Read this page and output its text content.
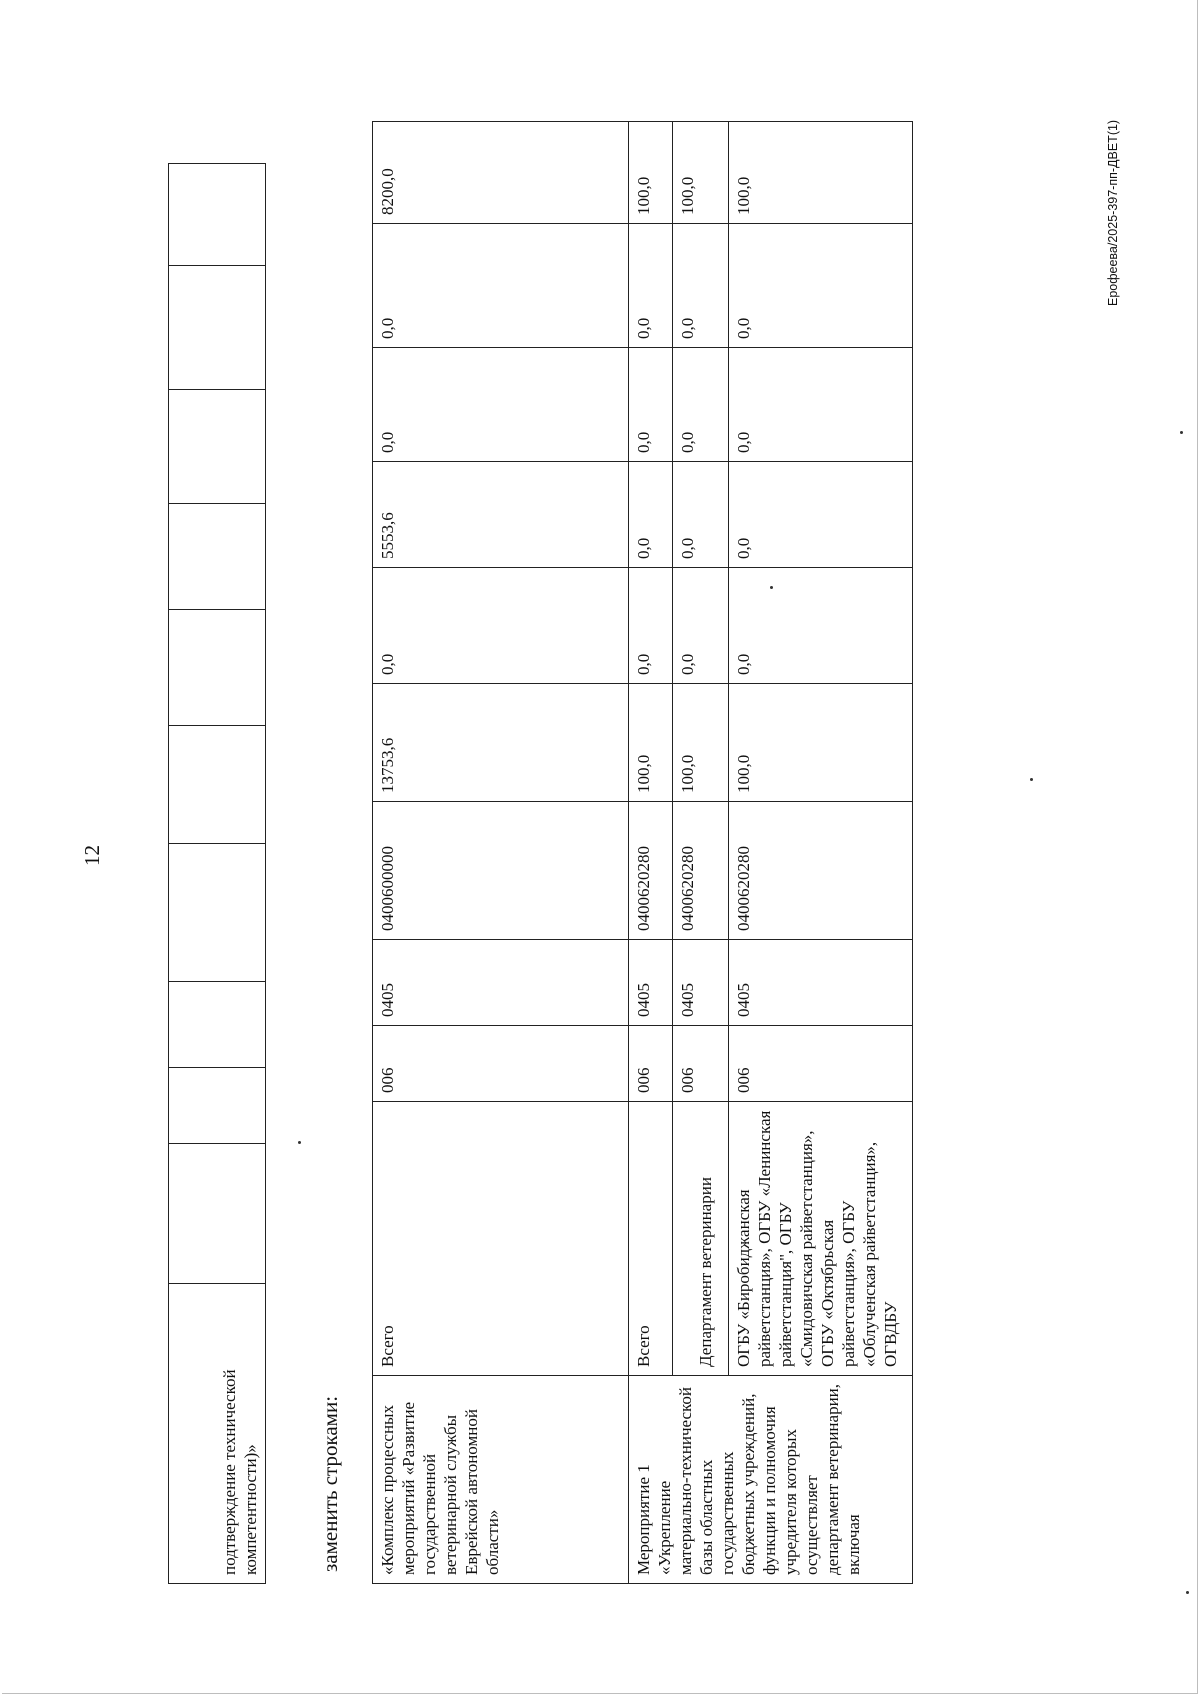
12
подтверждение технической компетентности)»											заменить строками: «Комплекс процессных мероприятий «Развитие государственной ветеринарной службы Еврейской автономной области»	Всего	006	0405	0400600000	13753,6	0,0	5553,6	0,0	0,0	8200,0
Мероприятие 1 «Укрепление материально-технической базы областных государственных бюджетных учреждений, функции и полномочия учредителя которых осуществляет департамент ветеринарии, включая	Всего	006	0405	0400620280	100,0	0,0	0,0	0,0	0,0	100,0
	Департамент ветеринарии	006	0405	0400620280	100,0	0,0	0,0	0,0	0,0	100,0
	ОГБУ «Биробиджанская райветстанция», ОГБУ «Ленинская райветстанция", ОГБУ «Смидовичская райветстанция», ОГБУ «Октябрьская райветстанция», ОГБУ «Облученская райветстанция», ОГВДБУ	006	0405	0400620280	100,0	0,0	0,0	0,0	0,0	100,0	Ерофеева/2025-397-пп-ДВЕТ(1)
